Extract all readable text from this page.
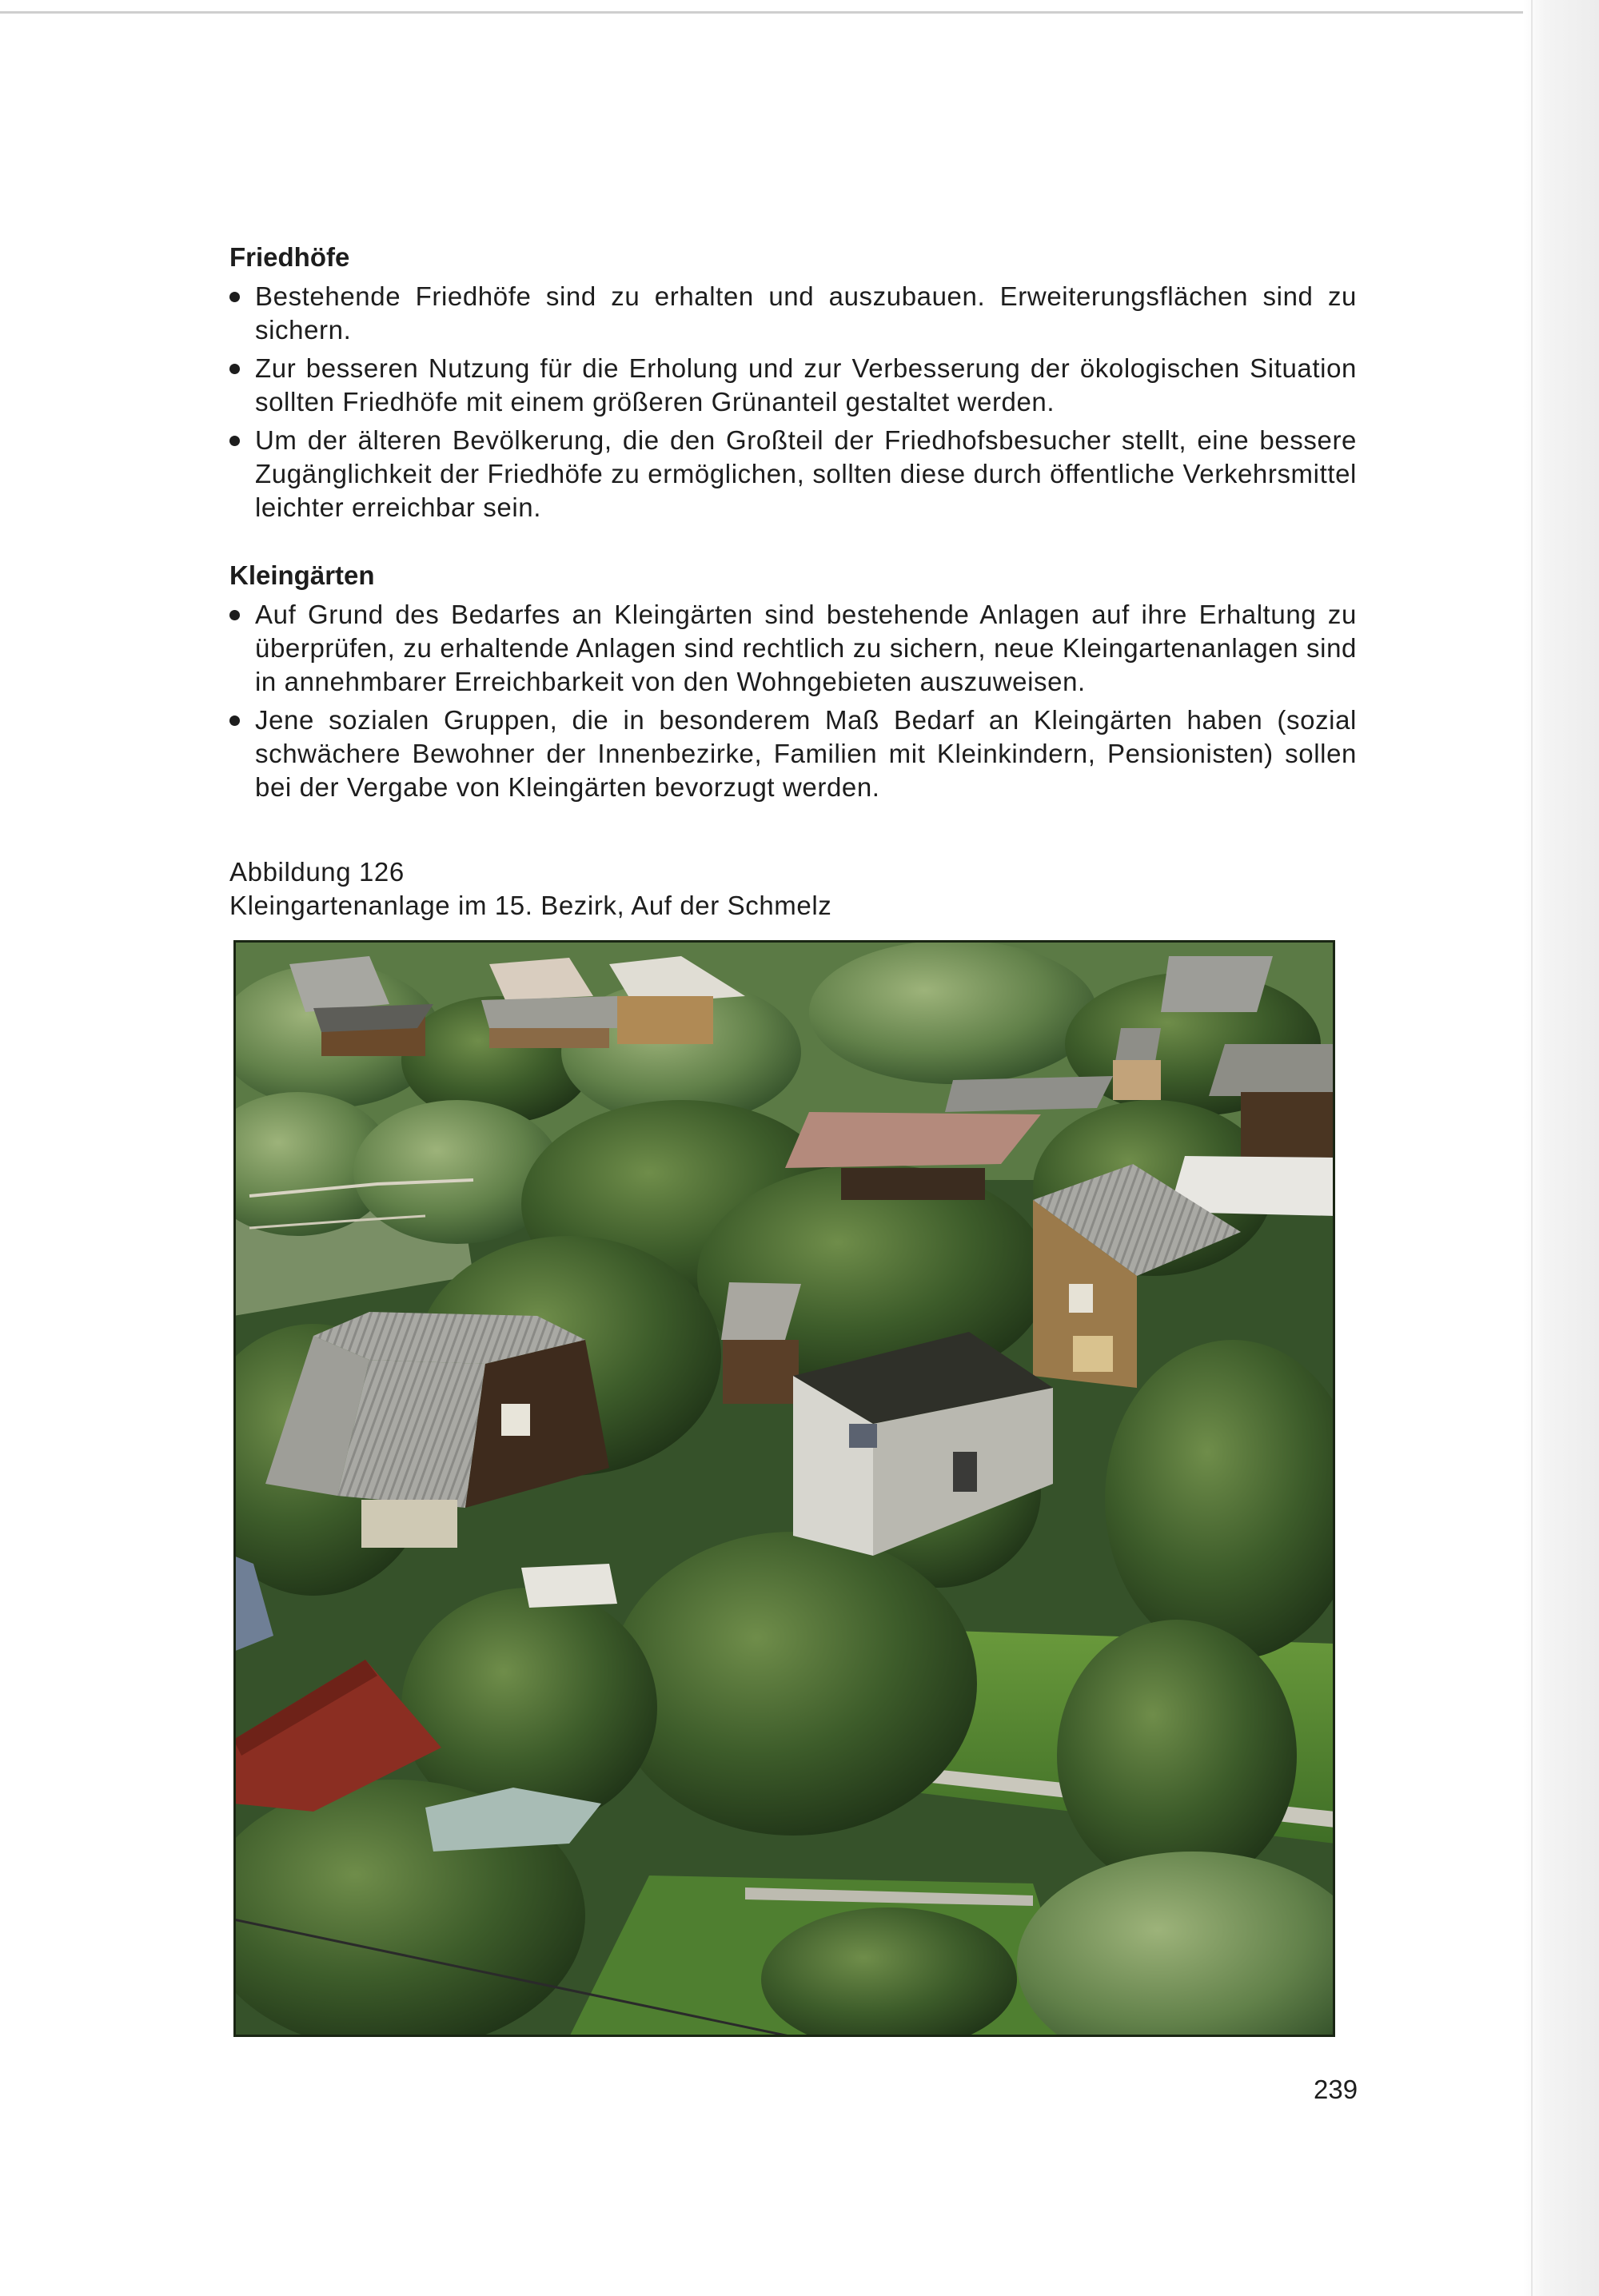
Friedhöfe
Bestehende Friedhöfe sind zu erhalten und auszubauen. Erweiterungsflächen sind zu sichern.
Zur besseren Nutzung für die Erholung und zur Verbesserung der ökologischen Situation sollten Friedhöfe mit einem größeren Grünanteil gestaltet werden.
Um der älteren Bevölkerung, die den Großteil der Friedhofsbesucher stellt, eine bessere Zugänglichkeit der Friedhöfe zu ermöglichen, sollten diese durch öffentliche Verkehrsmittel leichter erreichbar sein.
Kleingärten
Auf Grund des Bedarfes an Kleingärten sind bestehende Anlagen auf ihre Erhaltung zu überprüfen, zu erhaltende Anlagen sind rechtlich zu sichern, neue Kleingartenanlagen sind in annehmbarer Erreichbarkeit von den Wohngebieten auszuweisen.
Jene sozialen Gruppen, die in besonderem Maß Bedarf an Kleingärten haben (sozial schwächere Bewohner der Innenbezirke, Familien mit Kleinkindern, Pensionisten) sollen bei der Vergabe von Kleingärten bevorzugt werden.
Abbildung 126
Kleingartenanlage im 15. Bezirk, Auf der Schmelz
239
